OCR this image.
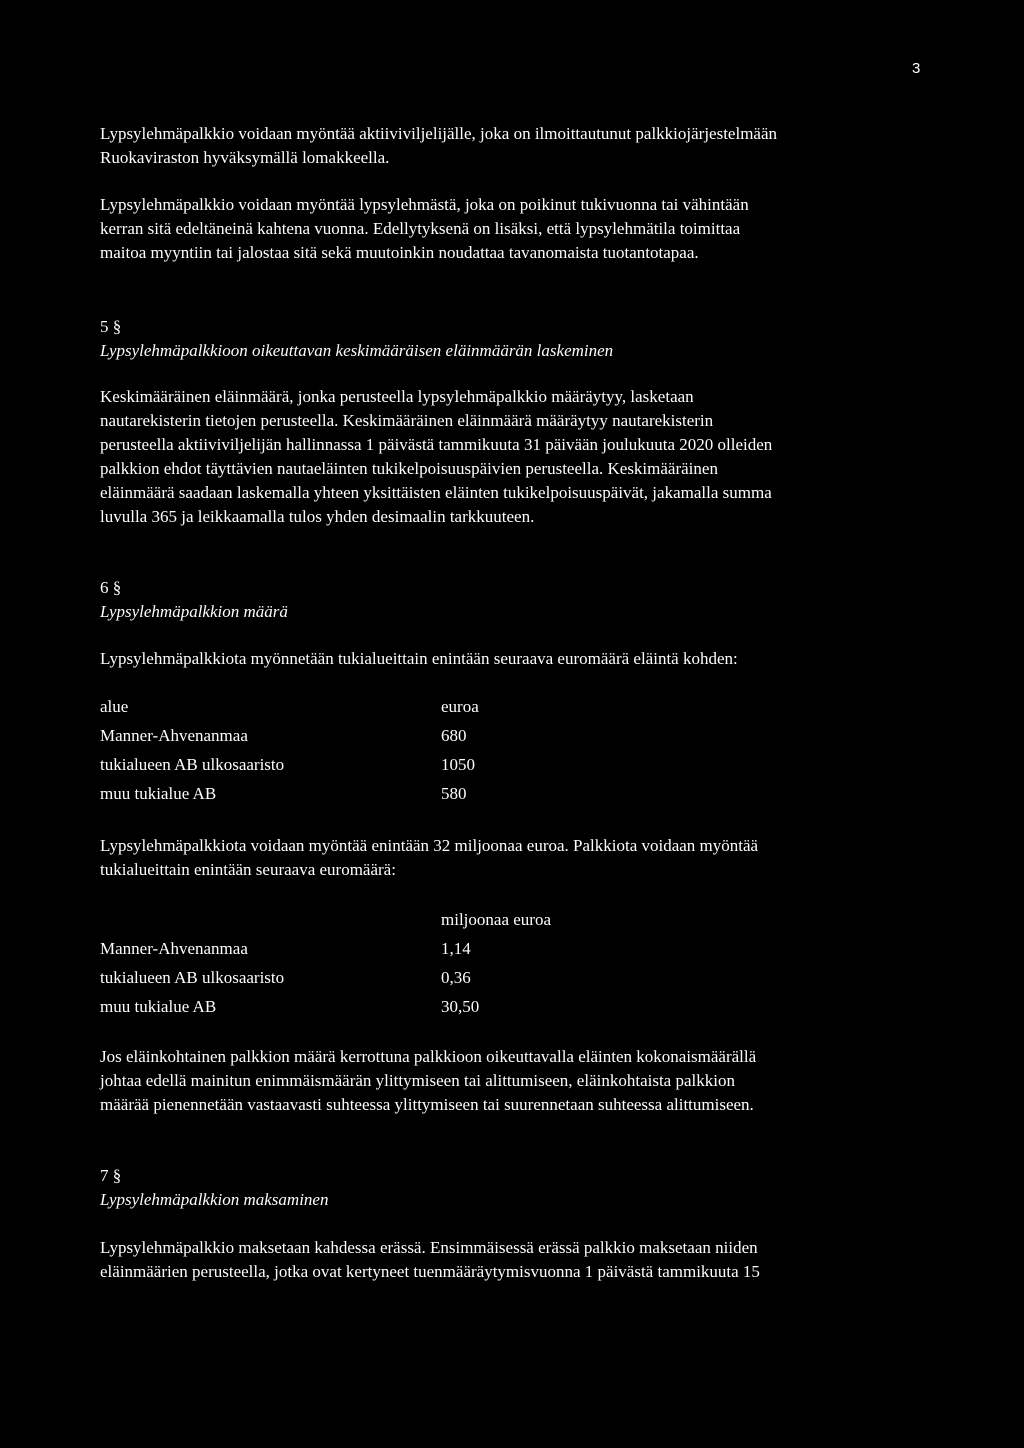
3

Lypsylehmäpalkkio voidaan myöntää aktiiviviljelijälle, joka on ilmoittautunut palkkiojärjestelmään
Ruokaviraston hyväksymällä lomakkeella.

Lypsylehmäpalkkio voidaan myöntää lypsylehmästä, joka on poikinut tukivuonna tai vähintään
kerran sitä edeltäneinä kahtena vuonna. Edellytyksenä on lisäksi, että lypsylehmätila toimittaa
maitoa myyntiin tai jalostaa sitä sekä muutoinkin noudattaa tavanomaista tuotantotapaa.

5 §
Lypsylehmäpalkkioon oikeuttavan keskimääräisen eläinmäärän laskeminen

Keskimääräinen eläinmäärä, jonka perusteella lypsylehmäpalkkio määräytyy, lasketaan
nautarekisterin tietojen perusteella. Keskimääräinen eläinmäärä määräytyy nautarekisterin
perusteella aktiiviviljelijän hallinnassa 1 päivästä tammikuuta 31 päivään joulukuuta 2020 olleiden
palkkion ehdot täyttävien nautaeläinten tukikelpoisuuspäivien perusteella. Keskimääräinen
eläinmäärä saadaan laskemalla yhteen yksittäisten eläinten tukikelpoisuuspäivät, jakamalla summa
luvulla 365 ja leikkaamalla tulos yhden desimaalin tarkkuuteen.

6 §
Lypsylehmäpalkkion määrä

Lypsylehmäpalkkiota myönnetään tukialueittain enintään seuraava euromäärä eläintä kohden:

alue	euroa
Manner-Ahvenanmaa	680
tukialueen AB ulkosaaristo	1050
muu tukialue AB	580

Lypsylehmäpalkkiota voidaan myöntää enintään 32 miljoonaa euroa. Palkkiota voidaan myöntää
tukialueittain enintään seuraava euromäärä:

	miljoonaa euroa
Manner-Ahvenanmaa	1,14
tukialueen AB ulkosaaristo	0,36
muu tukialue AB	30,50

Jos eläinkohtainen palkkion määrä kerrottuna palkkioon oikeuttavalla eläinten kokonaismäärällä
johtaa edellä mainitun enimmäismäärän ylittymiseen tai alittumiseen, eläinkohtaista palkkion
määrää pienennetään vastaavasti suhteessa ylittymiseen tai suurennetaan suhteessa alittumiseen.

7 §
Lypsylehmäpalkkion maksaminen

Lypsylehmäpalkkio maksetaan kahdessa erässä. Ensimmäisessä erässä palkkio maksetaan niiden
eläinmäärien perusteella, jotka ovat kertyneet tuenmääräytymisvuonna 1 päivästä tammikuuta 15
